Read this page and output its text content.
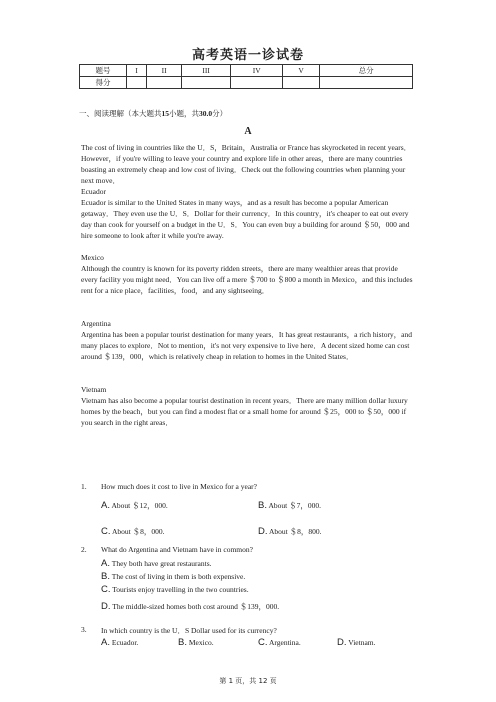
高考英语一诊试卷
题号	I	II	III	IV	V	总分
得分						
一、阅读理解（本大题共15小题，共30.0分）
A
The cost of living in countries like the U．S，Britain，Australia or France has skyrocketed in recent years．However，if you're willing to leave your country and explore life in other areas，there are many countries boasting an extremely cheap and low cost of living．Check out the following countries when planning your next move．
Ecuador
Ecuador is similar to the United States in many ways，and as a result has become a popular American getaway．They even use the U．S．Dollar for their currency．In this country，it's cheaper to eat out every day than cook for yourself on a budget in the U．S．You can even buy a building for around ＄50，000 and hire someone to look after it while you're away.
Mexico
Although the country is known for its poverty ridden streets，there are many wealthier areas that provide every facility you might need．You can live off a mere ＄700 to ＄800 a month in Mexico，and this includes rent for a nice place，facilities，food，and any sightseeing．
Argentina
Argentina has been a popular tourist destination for many years．It has great restaurants，a rich history，and many places to explore．Not to mention，it's not very expensive to live here．A decent sized home can cost around ＄139，000，which is relatively cheap in relation to homes in the United States．
Vietnam
Vietnam has also become a popular tourist destination in recent years．There are many million dollar luxury homes by the beach，but you can find a modest flat or a small home for around ＄25，000 to ＄50，000 if you search in the right areas．
1. How much does it cost to live in Mexico for a year?
A. About ＄12，000.	B. About ＄7，000.
C. About ＄8，000.	D. About ＄8，800.
2. What do Argentina and Vietnam have in common?
A. They both have great restaurants.
B. The cost of living in them is both expensive.
C. Tourists enjoy travelling in the two countries.
D. The middle-sized homes both cost around ＄139，000.
3. In which country is the U．S Dollar used for its currency?
A. Ecuador.	B. Mexico.	C. Argentina.	D. Vietnam.
第 1 页，共 12 页
